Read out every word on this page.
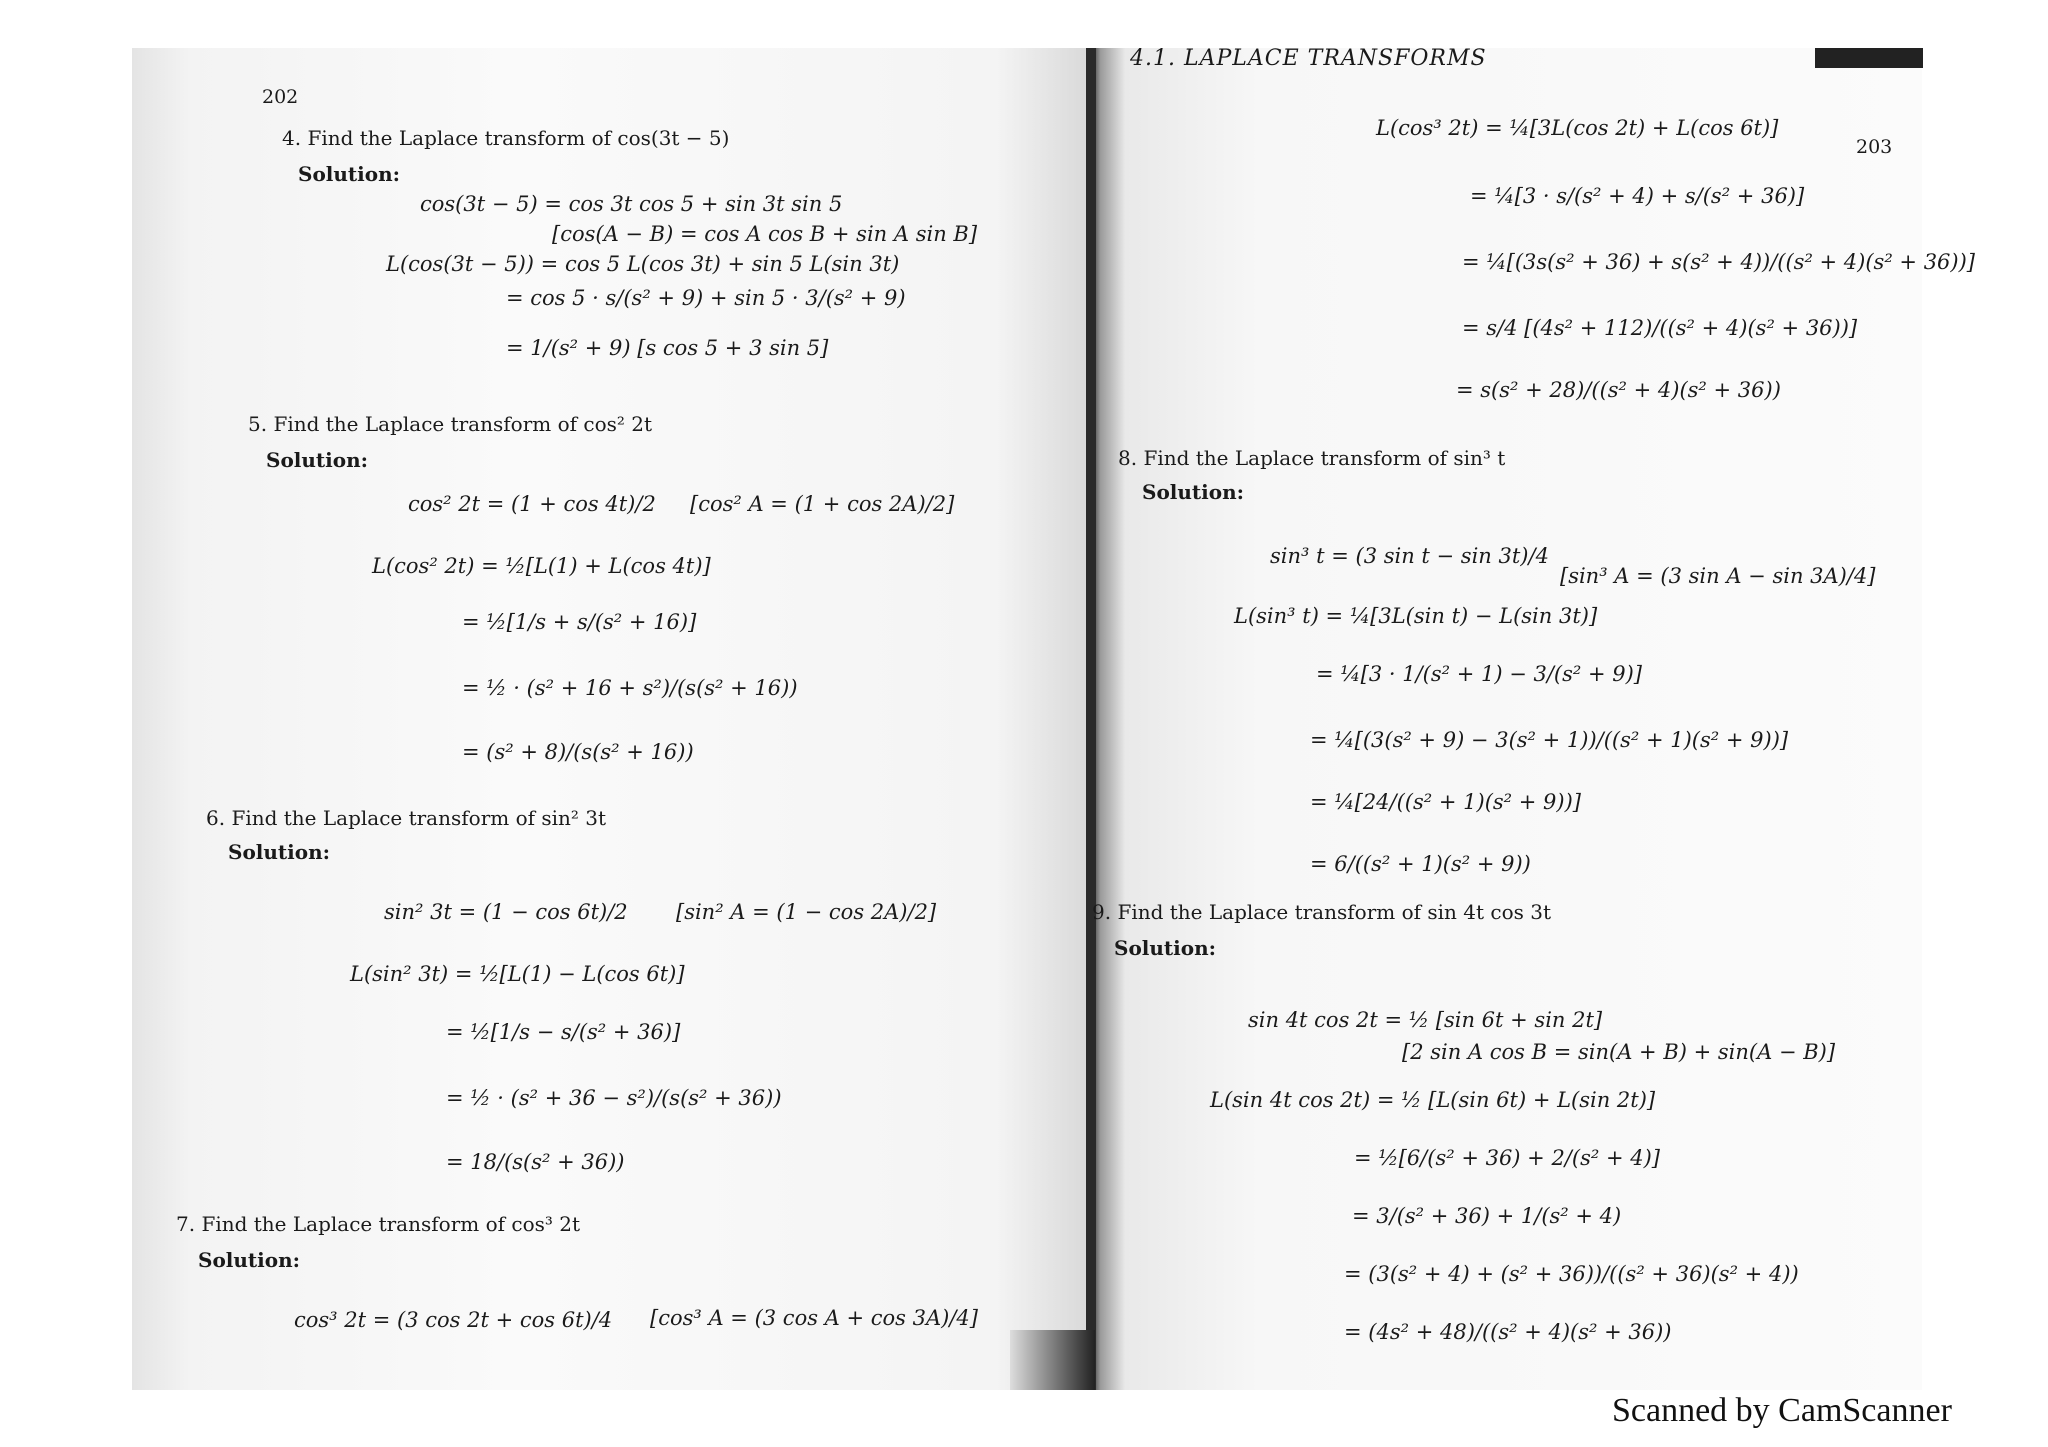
202
4. Find the Laplace transform of cos(3t − 5)
Solution:
cos(3t − 5) = cos 3t cos 5 + sin 3t sin 5
[cos(A − B) = cos A cos B + sin A sin B]
L(cos(3t − 5)) = cos 5 L(cos 3t) + sin 5 L(sin 3t)
= cos 5 · s/(s² + 9) + sin 5 · 3/(s² + 9)
= 1/(s² + 9) [s cos 5 + 3 sin 5]
5. Find the Laplace transform of cos² 2t
Solution:
cos² 2t = (1 + cos 4t)/2 [cos² A = (1 + cos 2A)/2]
L(cos² 2t) = ½[L(1) + L(cos 4t)]
= ½[1/s + s/(s² + 16)]
= ½ · (s² + 16 + s²)/(s(s² + 16))
= (s² + 8)/(s(s² + 16))
6. Find the Laplace transform of sin² 3t
Solution:
sin² 3t = (1 − cos 6t)/2 [sin² A = (1 − cos 2A)/2]
L(sin² 3t) = ½[L(1) − L(cos 6t)]
= ½[1/s − s/(s² + 36)]
= ½ · (s² + 36 − s²)/(s(s² + 36))
= 18/(s(s² + 36))
7. Find the Laplace transform of cos³ 2t
Solution:
cos³ 2t = (3 cos 2t + cos 6t)/4 [cos³ A = (3 cos A + cos 3A)/4]
4.1. LAPLACE TRANSFORMS
203
L(cos³ 2t) = ¼[3L(cos 2t) + L(cos 6t)]
= ¼[3 · s/(s² + 4) + s/(s² + 36)]
= ¼[(3s(s² + 36) + s(s² + 4))/((s² + 4)(s² + 36))]
= s/4 [(4s² + 112)/((s² + 4)(s² + 36))]
= s(s² + 28)/((s² + 4)(s² + 36))
8. Find the Laplace transform of sin³ t
Solution:
sin³ t = (3 sin t − sin 3t)/4
[sin³ A = (3 sin A − sin 3A)/4]
L(sin³ t) = ¼[3L(sin t) − L(sin 3t)]
= ¼[3 · 1/(s² + 1) − 3/(s² + 9)]
= ¼[(3(s² + 9) − 3(s² + 1))/((s² + 1)(s² + 9))]
= ¼[24/((s² + 1)(s² + 9))]
= 6/((s² + 1)(s² + 9))
9. Find the Laplace transform of sin 4t cos 3t
Solution:
sin 4t cos 2t = ½ [sin 6t + sin 2t]
[2 sin A cos B = sin(A + B) + sin(A − B)]
L(sin 4t cos 2t) = ½ [L(sin 6t) + L(sin 2t)]
= ½[6/(s² + 36) + 2/(s² + 4)]
= 3/(s² + 36) + 1/(s² + 4)
= (3(s² + 4) + (s² + 36))/((s² + 36)(s² + 4))
= (4s² + 48)/((s² + 4)(s² + 36))
Scanned by CamScanner
